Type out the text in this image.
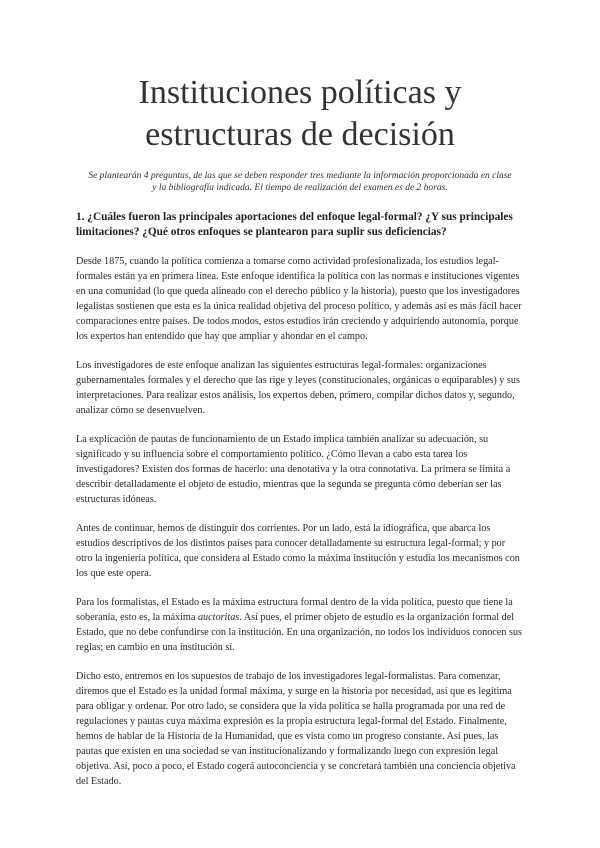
Instituciones políticas y estructuras de decisión

Se plantearán 4 preguntas, de las que se deben responder tres mediante la información proporcionada en clase y la bibliografía indicada. El tiempo de realización del examen es de 2 horas.

1. ¿Cuáles fueron las principales aportaciones del enfoque legal-formal? ¿Y sus principales limitaciones? ¿Qué otros enfoques se plantearon para suplir sus deficiencias?

Desde 1875, cuando la política comienza a tomarse como actividad profesionalizada, los estudios legal-formales están ya en primera línea. Este enfoque identifica la política con las normas e instituciones vigentes en una comunidad (lo que queda alineado con el derecho público y la historia), puesto que los investigadores legalistas sostienen que esta es la única realidad objetiva del proceso político, y además así es más fácil hacer comparaciones entre países. De todos modos, estos estudios irán creciendo y adquiriendo autonomía, porque los expertos han entendido que hay que ampliar y ahondar en el campo.

Los investigadores de este enfoque analizan las siguientes estructuras legal-formales: organizaciones gubernamentales formales y el derecho que las rige y leyes (constitucionales, orgánicas o equiparables) y sus interpretaciones. Para realizar estos análisis, los expertos deben, primero, compilar dichos datos y, segundo, analizar cómo se desenvuelven.

La explicación de pautas de funcionamiento de un Estado implica también analizar su adecuación, su significado y su influencia sobre el comportamiento político. ¿Cómo llevan a cabo esta tarea los investigadores? Existen dos formas de hacerlo: una denotativa y la otra connotativa. La primera se limita a describir detalladamente el objeto de estudio, mientras que la segunda se pregunta cómo deberían ser las estructuras idóneas.

Antes de continuar, hemos de distinguir dos corrientes. Por un lado, está la idiográfica, que abarca los estudios descriptivos de los distintos países para conocer detalladamente su estructura legal-formal; y por otro la ingeniería política, que considera al Estado como la máxima institución y estudia los mecanismos con los que este opera.

Para los formalistas, el Estado es la máxima estructura formal dentro de la vida política, puesto que tiene la soberanía, esto es, la máxima auctoritas. Así pues, el primer objeto de estudio es la organización formal del Estado, que no debe confundirse con la institución. En una organización, no todos los individuos conocen sus reglas; en cambio en una institución sí.

Dicho esto, entremos en los supuestos de trabajo de los investigadores legal-formalistas. Para comenzar, diremos que el Estado es la unidad formal máxima, y surge en la historia por necesidad, así que es legítima para obligar y ordenar. Por otro lado, se considera que la vida política se halla programada por una red de regulaciones y pautas cuya máxima expresión es la propia estructura legal-formal del Estado. Finalmente, hemos de hablar de la Historia de la Humanidad, que es vista como un progreso constante. Así pues, las pautas que existen en una sociedad se van institucionalizando y formalizando luego con expresión legal objetiva. Así, poco a poco, el Estado cogerá autoconciencia y se concretará también una conciencia objetiva del Estado.
